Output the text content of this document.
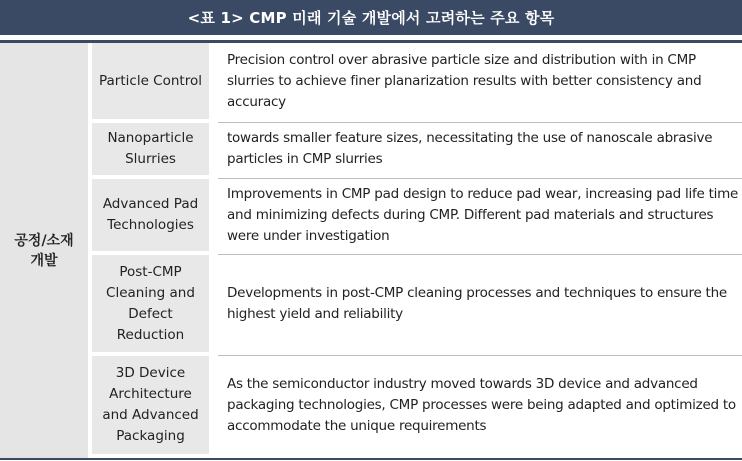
<표 1> CMP 미래 기술 개발에서 고려하는 주요 항목
공정/소재
개발
Particle Control
Precision control over abrasive particle size and distribution with in CMP slurries to achieve finer planarization results with better consistency and accuracy
Nanoparticle Slurries
towards smaller feature sizes, necessitating the use of nanoscale abrasive particles in CMP slurries
Advanced Pad Technologies
Improvements in CMP pad design to reduce pad wear, increasing pad life time and minimizing defects during CMP. Different pad materials and structures were under investigation
Post-CMP Cleaning and Defect Reduction
Developments in post-CMP cleaning processes and techniques to ensure the highest yield and reliability
3D Device Architecture and Advanced Packaging
As the semiconductor industry moved towards 3D device and advanced packaging technologies, CMP processes were being adapted and optimized to accommodate the unique requirements
